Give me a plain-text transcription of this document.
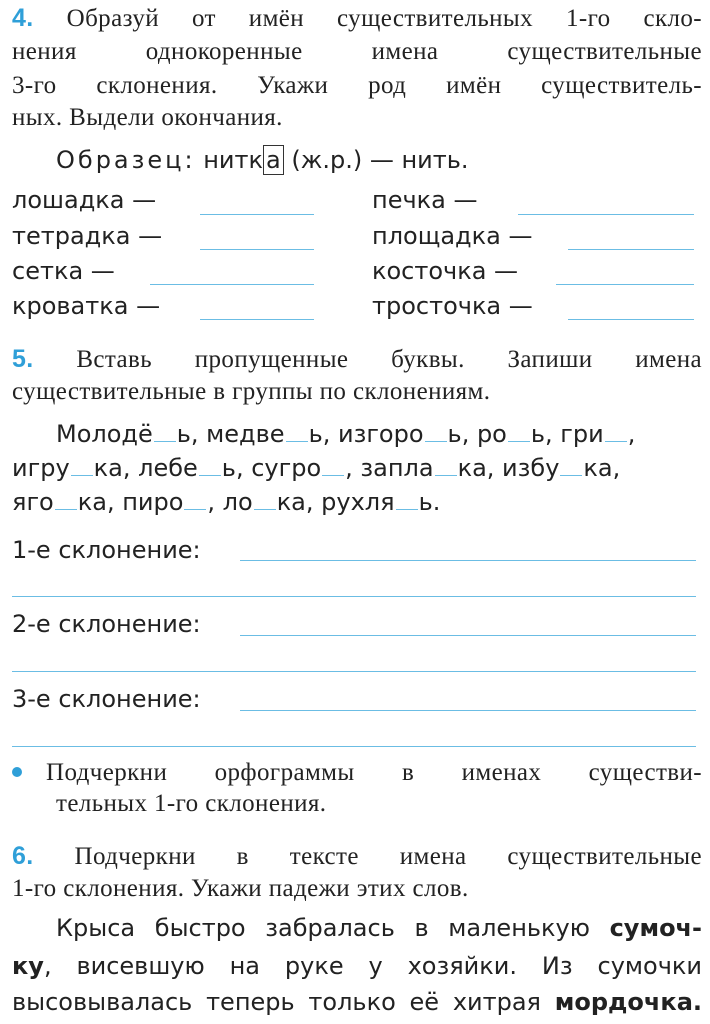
4. Образуй от имён существительных 1-го скло-
нения однокоренные имена существительные
3-го склонения. Укажи род имён существитель-
ных. Выдели окончания.
Образец: нитк а (ж.р.) — нить.
лошадка —	печка —
тетрадка —	площадка —
сетка —	косточка —
кроватка —	тросточка —
5. Вставь пропущенные буквы. Запиши имена
существительные в группы по склонениям.
Молодё ь, медве ь, изгоро ь, ро ь, гри ,
игру ка, лебе ь, сугро , запла ка, избу ка,
яго ка, пиро , ло ка, рухля ь.
1-е склонение:
2-е склонение:
3-е склонение:
Подчеркни орфограммы в именах существи-
тельных 1-го склонения.
6. Подчеркни в тексте имена существительные
1-го склонения. Укажи падежи этих слов.
Крыса быстро забралась в маленькую сумоч-
ку, висевшую на руке у хозяйки. Из сумочки
высовывалась теперь только её хитрая мордочка.
